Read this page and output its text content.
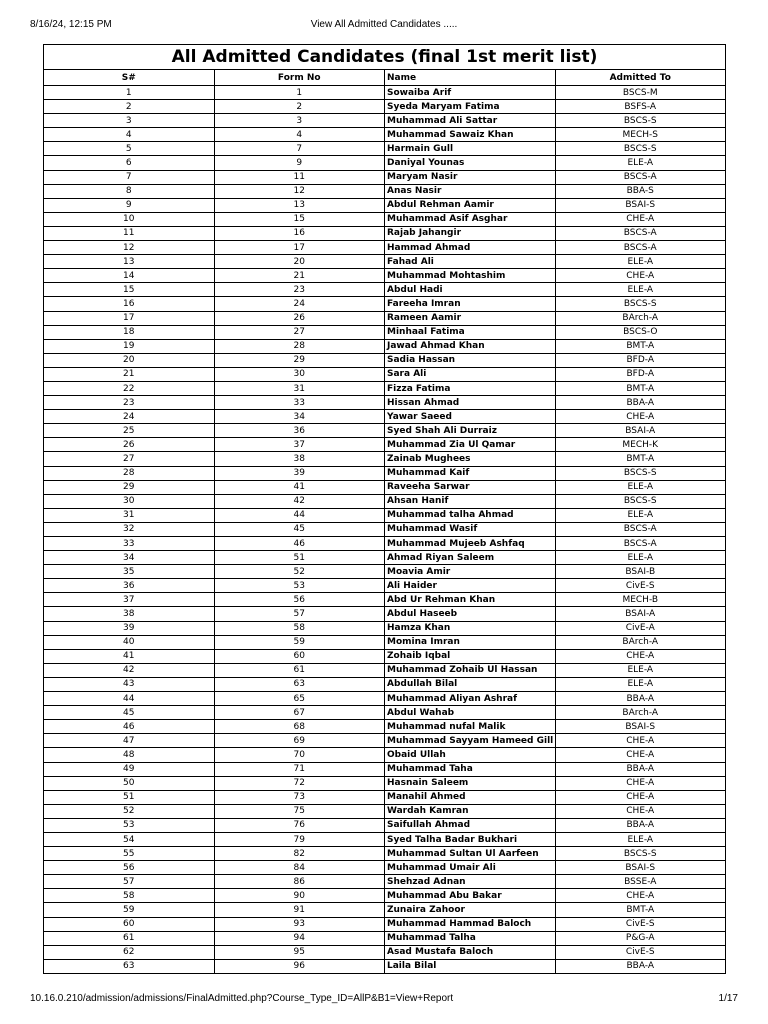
8/16/24, 12:15 PM	View All Admitted Candidates .....
All Admitted Candidates (final 1st merit list)			
S#	Form No	Name	Admitted To
1	1	Sowaiba Arif	BSCS-M
2	2	Syeda Maryam Fatima	BSFS-A
3	3	Muhammad Ali Sattar	BSCS-S
4	4	Muhammad Sawaiz Khan	MECH-S
5	7	Harmain Gull	BSCS-S
6	9	Daniyal Younas	ELE-A
7	11	Maryam Nasir	BSCS-A
8	12	Anas Nasir	BBA-S
9	13	Abdul Rehman Aamir	BSAI-S
10	15	Muhammad Asif Asghar	CHE-A
11	16	Rajab Jahangir	BSCS-A
12	17	Hammad Ahmad	BSCS-A
13	20	Fahad Ali	ELE-A
14	21	Muhammad Mohtashim	CHE-A
15	23	Abdul Hadi	ELE-A
16	24	Fareeha Imran	BSCS-S
17	26	Rameen Aamir	BArch-A
18	27	Minhaal Fatima	BSCS-O
19	28	Jawad Ahmad Khan	BMT-A
20	29	Sadia Hassan	BFD-A
21	30	Sara Ali	BFD-A
22	31	Fizza Fatima	BMT-A
23	33	Hissan Ahmad	BBA-A
24	34	Yawar Saeed	CHE-A
25	36	Syed Shah Ali Durraiz	BSAI-A
26	37	Muhammad Zia Ul Qamar	MECH-K
27	38	Zainab Mughees	BMT-A
28	39	Muhammad Kaif	BSCS-S
29	41	Raveeha Sarwar	ELE-A
30	42	Ahsan Hanif	BSCS-S
31	44	Muhammad talha Ahmad	ELE-A
32	45	Muhammad Wasif	BSCS-A
33	46	Muhammad Mujeeb Ashfaq	BSCS-A
34	51	Ahmad Riyan Saleem	ELE-A
35	52	Moavia Amir	BSAI-B
36	53	Ali Haider	CivE-S
37	56	Abd Ur Rehman Khan	MECH-B
38	57	Abdul Haseeb	BSAI-A
39	58	Hamza Khan	CivE-A
40	59	Momina Imran	BArch-A
41	60	Zohaib Iqbal	CHE-A
42	61	Muhammad Zohaib Ul Hassan	ELE-A
43	63	Abdullah Bilal	ELE-A
44	65	Muhammad Aliyan Ashraf	BBA-A
45	67	Abdul Wahab	BArch-A
46	68	Muhammad nufal Malik	BSAI-S
47	69	Muhammad Sayyam Hameed Gill	CHE-A
48	70	Obaid Ullah	CHE-A
49	71	Muhammad Taha	BBA-A
50	72	Hasnain Saleem	CHE-A
51	73	Manahil Ahmed	CHE-A
52	75	Wardah Kamran	CHE-A
53	76	Saifullah Ahmad	BBA-A
54	79	Syed Talha Badar Bukhari	ELE-A
55	82	Muhammad Sultan Ul Aarfeen	BSCS-S
56	84	Muhammad Umair Ali	BSAI-S
57	86	Shehzad Adnan	BSSE-A
58	90	Muhammad Abu Bakar	CHE-A
59	91	Zunaira Zahoor	BMT-A
60	93	Muhammad Hammad Baloch	CivE-S
61	94	Muhammad Talha	P&G-A
62	95	Asad Mustafa Baloch	CivE-S
63	96	Laila Bilal	BBA-A
10.16.0.210/admission/admissions/FinalAdmitted.php?Course_Type_ID=AllP&B1=View+Report	1/17
